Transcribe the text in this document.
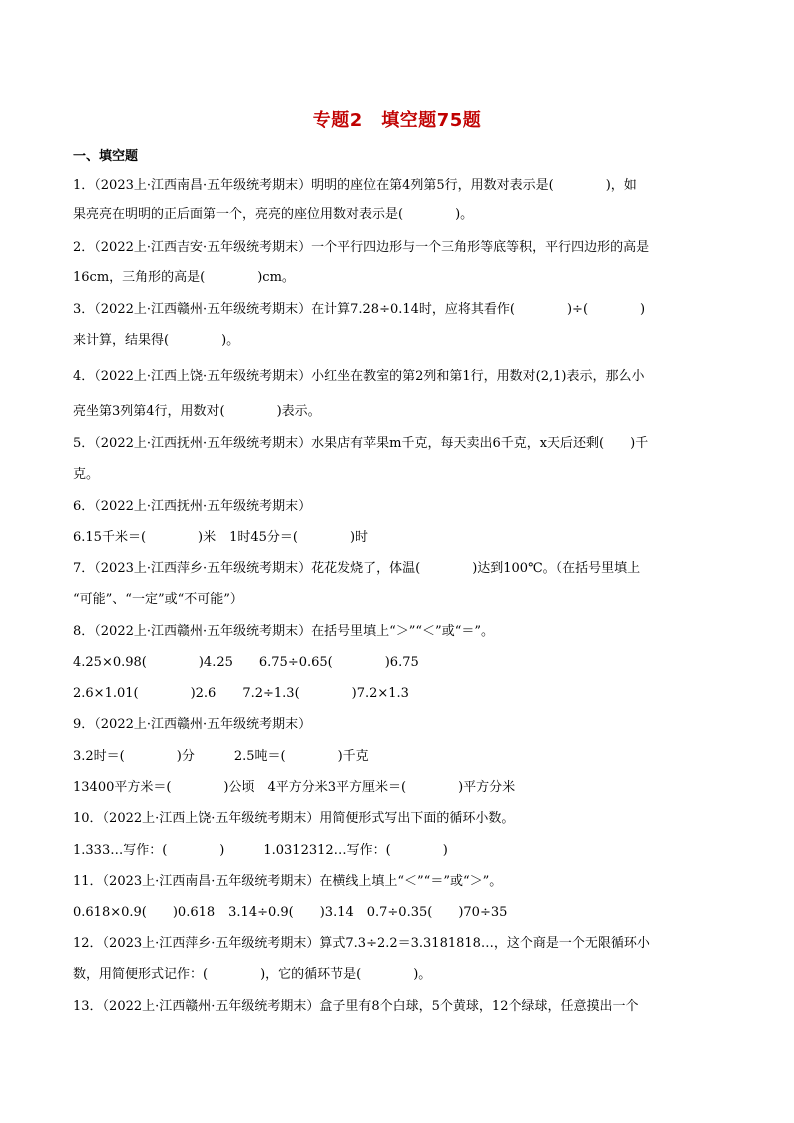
专题2　填空题75题
一、填空题
1．（2023上·江西南昌·五年级统考期末）明明的座位在第4列第5行，用数对表示是(　　　　)，如
果亮亮在明明的正后面第一个，亮亮的座位用数对表示是(　　　　)。
2．（2022上·江西吉安·五年级统考期末）一个平行四边形与一个三角形等底等积，平行四边形的高是
16cm，三角形的高是(　　　　)cm。
3．（2022上·江西赣州·五年级统考期末）在计算7.28÷0.14时，应将其看作(　　　　)÷(　　　　)
来计算，结果得(　　　　)。
4．（2022上·江西上饶·五年级统考期末）小红坐在教室的第2列和第1行，用数对(2,1)表示，那么小
亮坐第3列第4行，用数对(　　　　)表示。
5．（2022上·江西抚州·五年级统考期末）水果店有苹果m千克，每天卖出6千克，x天后还剩(　　)千
克。
6．（2022上·江西抚州·五年级统考期末）
6.15千米＝(　　　　)米　1时45分＝(　　　　)时
7．（2023上·江西萍乡·五年级统考期末）花花发烧了，体温(　　　　)达到100℃。（在括号里填上
“可能”、“一定”或“不可能”）
8．（2022上·江西赣州·五年级统考期末）在括号里填上“＞”“＜”或“＝”。
4.25×0.98(　　　　)4.25　　6.75÷0.65(　　　　)6.75
2.6×1.01(　　　　)2.6　　7.2÷1.3(　　　　)7.2×1.3
9．（2022上·江西赣州·五年级统考期末）
3.2时＝(　　　　)分　　　2.5吨＝(　　　　)千克
13400平方米＝(　　　　)公顷　4平方分米3平方厘米＝(　　　　)平方分米
10．（2022上·江西上饶·五年级统考期末）用简便形式写出下面的循环小数。
1.333…写作：(　　　　)　　　1.0312312…写作：(　　　　)
11．（2023上·江西南昌·五年级统考期末）在横线上填上“＜”“＝”或“＞”。
0.618×0.9(　　)0.618　3.14÷0.9(　　)3.14　0.7÷0.35(　　)70÷35
12．（2023上·江西萍乡·五年级统考期末）算式7.3÷2.2＝3.3181818…，这个商是一个无限循环小
数，用简便形式记作：(　　　　)，它的循环节是(　　　　)。
13．（2022上·江西赣州·五年级统考期末）盒子里有8个白球，5个黄球，12个绿球，任意摸出一个
